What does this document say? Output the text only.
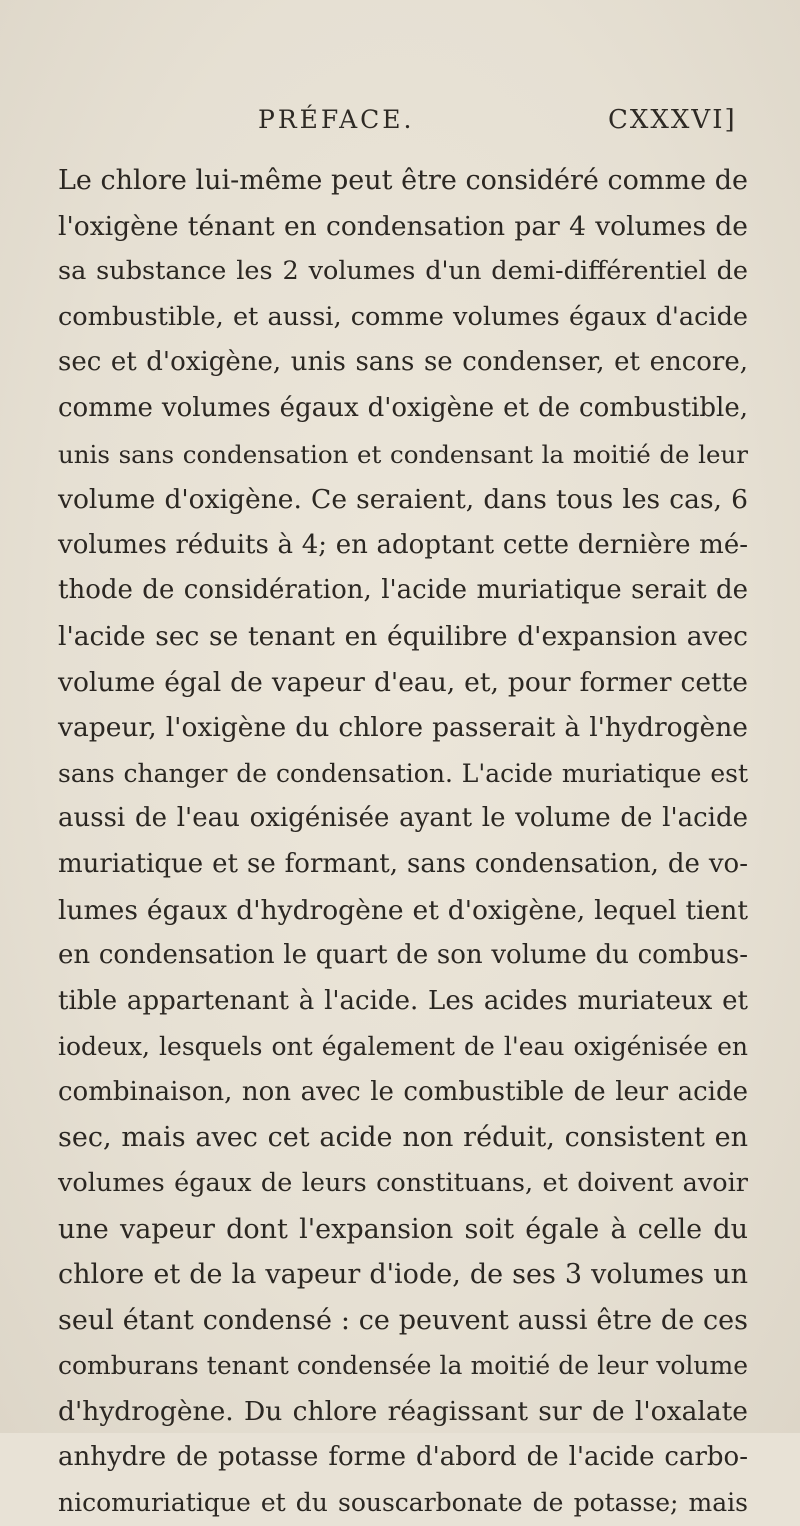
PRÉFACE.	CXXXVI]
Le chlore lui-même peut être considéré comme de
l'oxigène ténant en condensation par 4 volumes de
sa substance les 2 volumes d'un demi-différentiel de
combustible, et aussi, comme volumes égaux d'acide
sec et d'oxigène, unis sans se condenser, et encore,
comme volumes égaux d'oxigène et de combustible,
unis sans condensation et condensant la moitié de leur
volume d'oxigène. Ce seraient, dans tous les cas, 6
volumes réduits à 4; en adoptant cette dernière mé-
thode de considération, l'acide muriatique serait de
l'acide sec se tenant en équilibre d'expansion avec
volume égal de vapeur d'eau, et, pour former cette
vapeur, l'oxigène du chlore passerait à l'hydrogène
sans changer de condensation. L'acide muriatique est
aussi de l'eau oxigénisée ayant le volume de l'acide
muriatique et se formant, sans condensation, de vo-
lumes égaux d'hydrogène et d'oxigène, lequel tient
en condensation le quart de son volume du combus-
tible appartenant à l'acide. Les acides muriateux et
iodeux, lesquels ont également de l'eau oxigénisée en
combinaison, non avec le combustible de leur acide
sec, mais avec cet acide non réduit, consistent en
volumes égaux de leurs constituans, et doivent avoir
une vapeur dont l'expansion soit égale à celle du
chlore et de la vapeur d'iode, de ses 3 volumes un
seul étant condensé : ce peuvent aussi être de ces
comburans tenant condensée la moitié de leur volume
d'hydrogène. Du chlore réagissant sur de l'oxalate
anhydre de potasse forme d'abord de l'acide carbo-
nicomuriatique et du souscarbonate de potasse; mais
